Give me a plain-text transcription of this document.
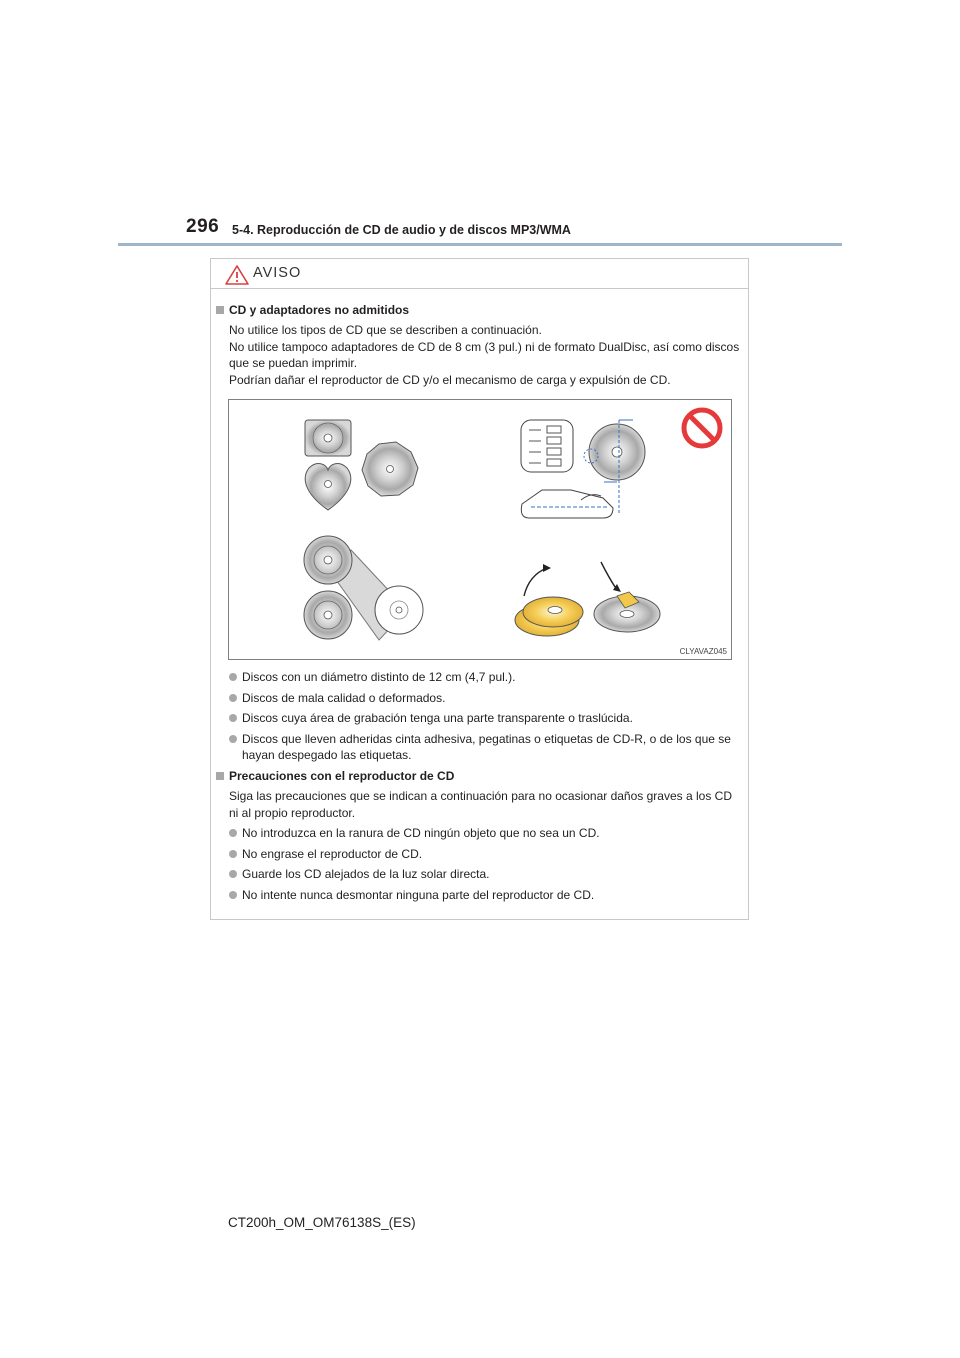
296 5-4. Reproducción de CD de audio y de discos MP3/WMA
AVISO
CD y adaptadores no admitidos
No utilice los tipos de CD que se describen a continuación.
No utilice tampoco adaptadores de CD de 8 cm (3 pul.) ni de formato DualDisc, así como discos que se puedan imprimir.
Podrían dañar el reproductor de CD y/o el mecanismo de carga y expulsión de CD.
CLYAVAZ045
Discos con un diámetro distinto de 12 cm (4,7 pul.).
Discos de mala calidad o deformados.
Discos cuya área de grabación tenga una parte transparente o traslúcida.
Discos que lleven adheridas cinta adhesiva, pegatinas o etiquetas de CD-R, o de los que se hayan despegado las etiquetas.
Precauciones con el reproductor de CD
Siga las precauciones que se indican a continuación para no ocasionar daños graves a los CD ni al propio reproductor.
No introduzca en la ranura de CD ningún objeto que no sea un CD.
No engrase el reproductor de CD.
Guarde los CD alejados de la luz solar directa.
No intente nunca desmontar ninguna parte del reproductor de CD.
CT200h_OM_OM76138S_(ES)
